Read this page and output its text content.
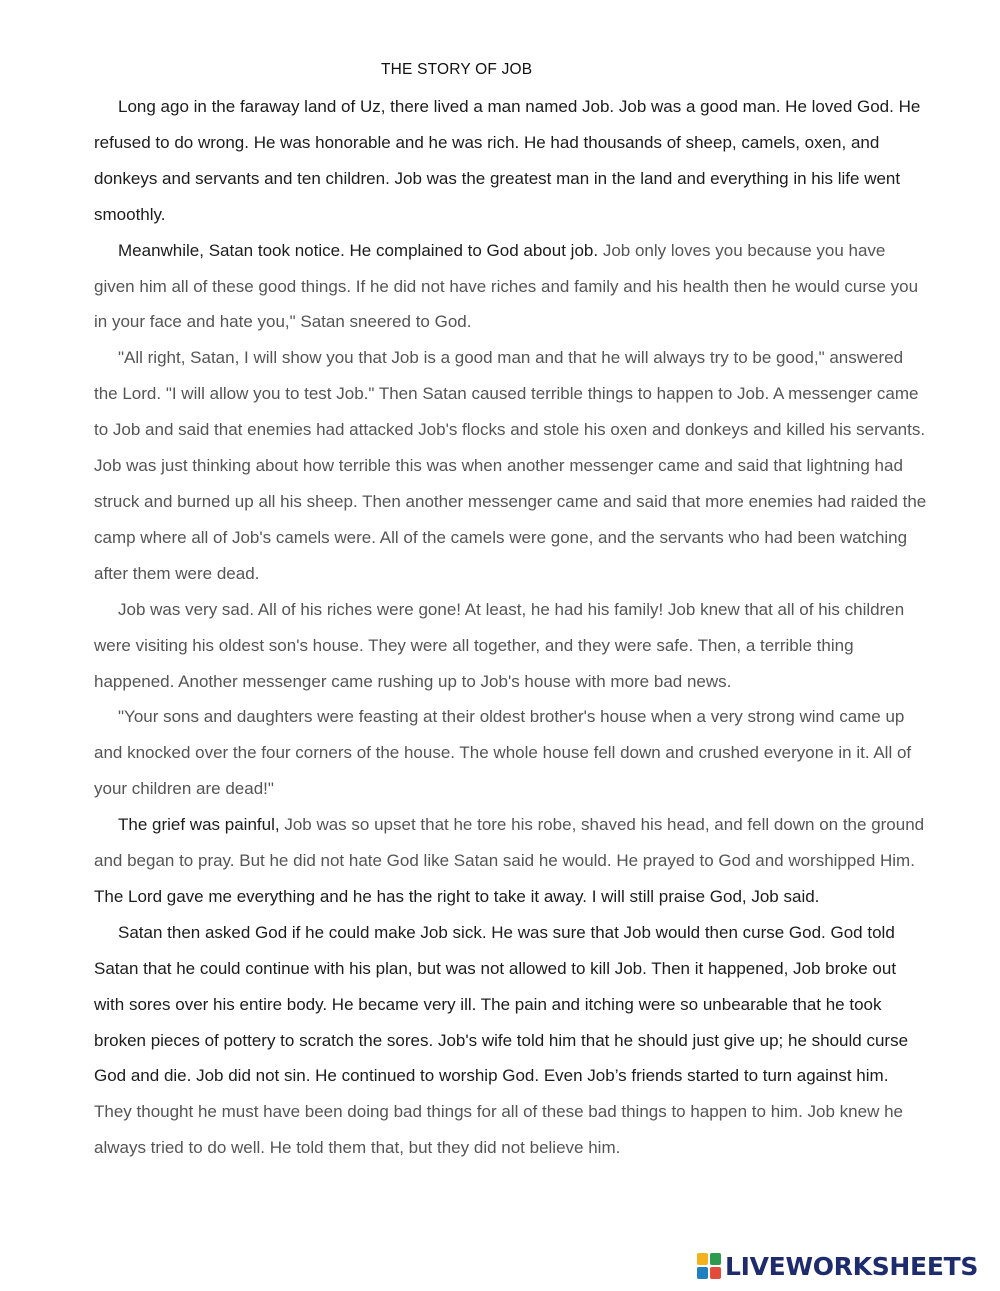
THE STORY OF JOB

Long ago in the faraway land of Uz, there lived a man named Job. Job was a good man. He loved God. He refused to do wrong. He was honorable and he was rich. He had thousands of sheep, camels, oxen, and donkeys and servants and ten children. Job was the greatest man in the land and everything in his life went smoothly.

Meanwhile, Satan took notice. He complained to God about job. Job only loves you because you have given him all of these good things. If he did not have riches and family and his health then he would curse you in your face and hate you," Satan sneered to God.

"All right, Satan, I will show you that Job is a good man and that he will always try to be good," answered the Lord. "I will allow you to test Job." Then Satan caused terrible things to happen to Job. A messenger came to Job and said that enemies had attacked Job's flocks and stole his oxen and donkeys and killed his servants. Job was just thinking about how terrible this was when another messenger came and said that lightning had struck and burned up all his sheep. Then another messenger came and said that more enemies had raided the camp where all of Job's camels were. All of the camels were gone, and the servants who had been watching after them were dead.

Job was very sad. All of his riches were gone! At least, he had his family! Job knew that all of his children were visiting his oldest son's house. They were all together, and they were safe. Then, a terrible thing happened. Another messenger came rushing up to Job's house with more bad news.

"Your sons and daughters were feasting at their oldest brother's house when a very strong wind came up and knocked over the four corners of the house. The whole house fell down and crushed everyone in it. All of your children are dead!"

The grief was painful, Job was so upset that he tore his robe, shaved his head, and fell down on the ground and began to pray. But he did not hate God like Satan said he would. He prayed to God and worshipped Him. The Lord gave me everything and he has the right to take it away. I will still praise God, Job said.

Satan then asked God if he could make Job sick. He was sure that Job would then curse God. God told Satan that he could continue with his plan, but was not allowed to kill Job. Then it happened, Job broke out with sores over his entire body. He became very ill. The pain and itching were so unbearable that he took broken pieces of pottery to scratch the sores. Job's wife told him that he should just give up; he should curse God and die. Job did not sin. He continued to worship God. Even Job’s friends started to turn against him. They thought he must have been doing bad things for all of these bad things to happen to him. Job knew he always tried to do well. He told them that, but they did not believe him.

LIVEWORKSHEETS
